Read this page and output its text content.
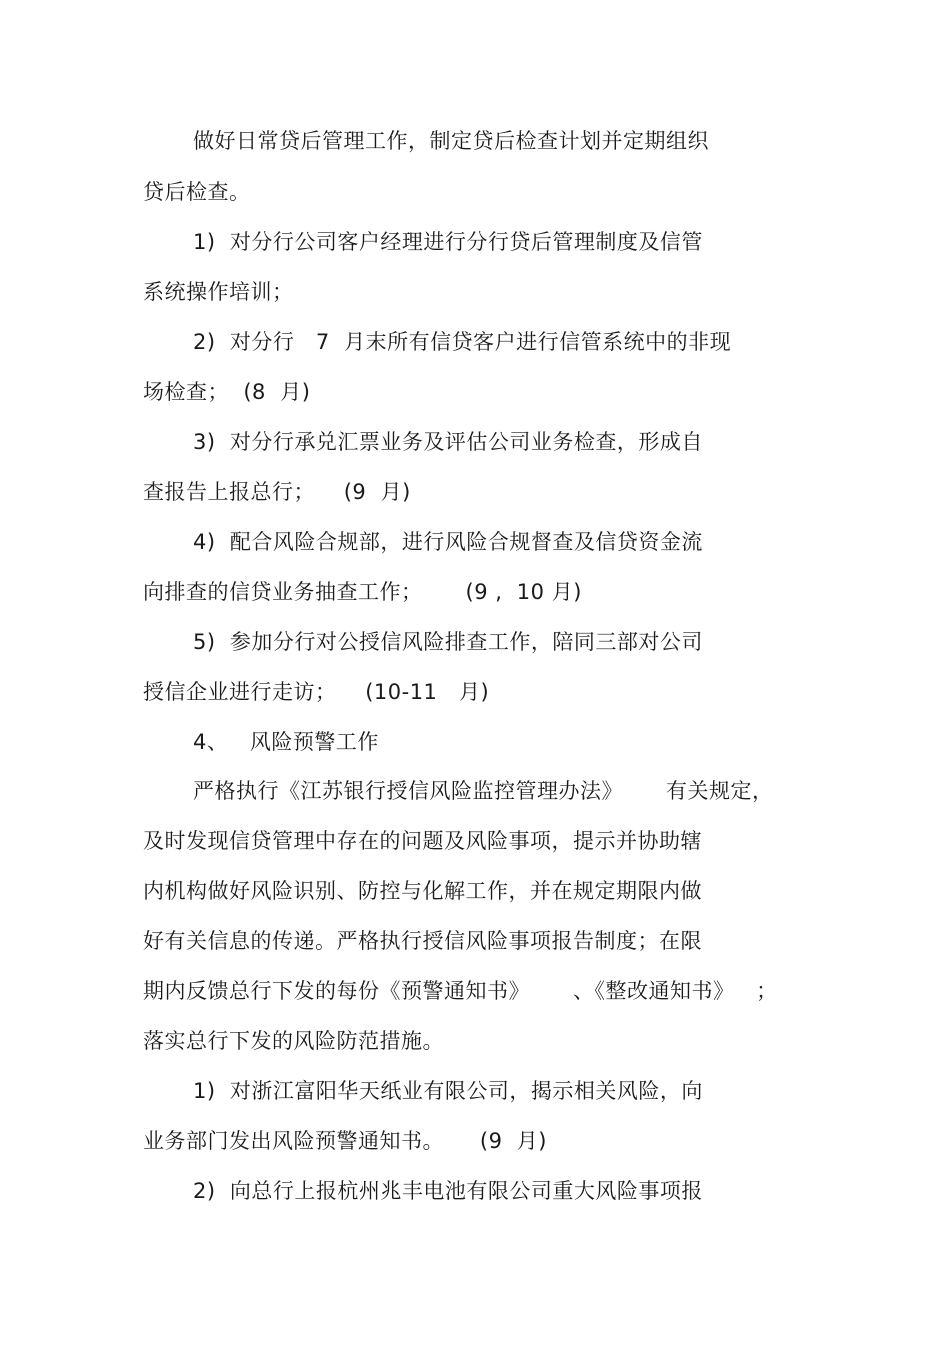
做好日常贷后管理工作，制定贷后检查计划并定期组织
贷后检查。
1)  对分行公司客户经理进行分行贷后管理制度及信管
系统操作培训；
2)  对分行   7  月末所有信贷客户进行信管系统中的非现
场检查；  (8  月)
3)  对分行承兑汇票业务及评估公司业务检查，形成自
查报告上报总行；    (9  月)
4)  配合风险合规部，进行风险合规督查及信贷资金流
向排查的信贷业务抽查工作；      (9 ,  10 月)
5)  参加分行对公授信风险排查工作，陪同三部对公司
授信企业进行走访；    (10-11   月)
4、   风险预警工作
严格执行《江苏银行授信风险监控管理办法》      有关规定，
及时发现信贷管理中存在的问题及风险事项，提示并协助辖
内机构做好风险识别、防控与化解工作，并在规定期限内做
好有关信息的传递。严格执行授信风险事项报告制度；在限
期内反馈总行下发的每份《预警通知书》      、《整改通知书》   ；
落实总行下发的风险防范措施。
1)  对浙江富阳华天纸业有限公司，揭示相关风险，向
业务部门发出风险预警通知书。     (9  月)
2)  向总行上报杭州兆丰电池有限公司重大风险事项报
